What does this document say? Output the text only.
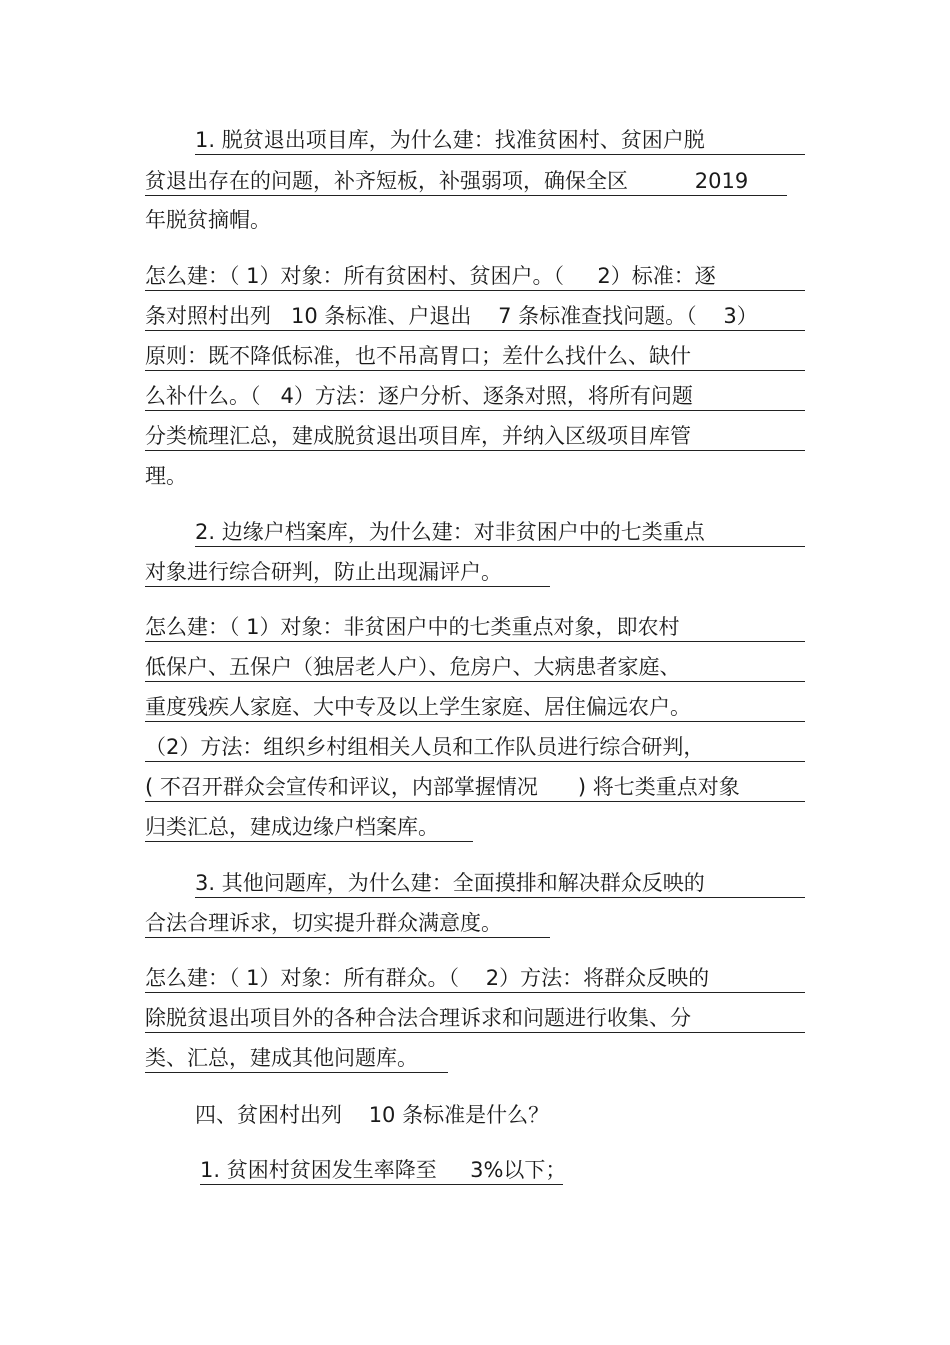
1. 脱贫退出项目库，为什么建：找准贫困村、贫困户脱
贫退出存在的问题，补齐短板，补强弱项，确保全区          2019
年脱贫摘帽。
怎么建：（ 1）对象：所有贫困村、贫困户。（     2）标准：逐
条对照村出列   10 条标准、户退出    7 条标准查找问题。（    3）
原则：既不降低标准，也不吊高胃口；差什么找什么、缺什
么补什么。（   4）方法：逐户分析、逐条对照，将所有问题
分类梳理汇总，建成脱贫退出项目库，并纳入区级项目库管
理。
2. 边缘户档案库，为什么建：对非贫困户中的七类重点
对象进行综合研判，防止出现漏评户。
怎么建：（ 1）对象：非贫困户中的七类重点对象，即农村
低保户、五保户（独居老人户）、危房户、大病患者家庭、
重度残疾人家庭、大中专及以上学生家庭、居住偏远农户。
（2）方法：组织乡村组相关人员和工作队员进行综合研判，
( 不召开群众会宣传和评议，内部掌握情况      ) 将七类重点对象
归类汇总，建成边缘户档案库。
3. 其他问题库，为什么建：全面摸排和解决群众反映的
合法合理诉求，切实提升群众满意度。
怎么建：（ 1）对象：所有群众。（    2）方法：将群众反映的
除脱贫退出项目外的各种合法合理诉求和问题进行收集、分
类、汇总，建成其他问题库。
四、贫困村出列    10 条标准是什么？
1. 贫困村贫困发生率降至     3%以下；
